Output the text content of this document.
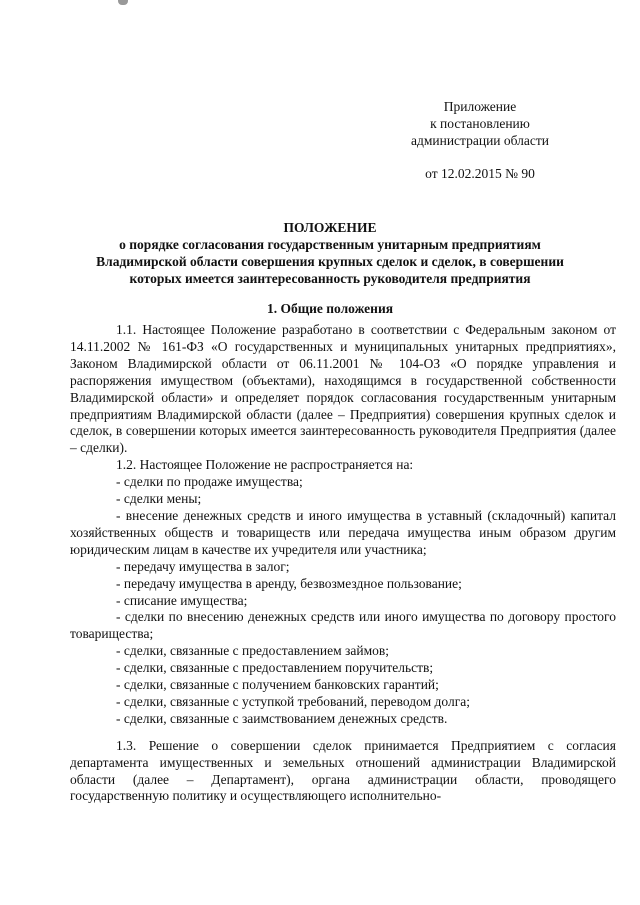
Приложение
к постановлению
администрации области
от 12.02.2015 № 90
ПОЛОЖЕНИЕ
о порядке согласования государственным унитарным предприятиям
Владимирской области совершения крупных сделок и сделок, в совершении
которых имеется заинтересованность руководителя предприятия
1. Общие положения

1.1. Настоящее Положение разработано в соответствии с Федеральным законом от 14.11.2002 № 161-ФЗ «О государственных и муниципальных унитарных предприятиях», Законом Владимирской области от 06.11.2001 № 104-ОЗ «О порядке управления и распоряжения имуществом (объектами), находящимся в государственной собственности Владимирской области» и определяет порядок согласования государственным унитарным предприятиям Владимирской области (далее – Предприятия) совершения крупных сделок и сделок, в совершении которых имеется заинтересованность руководителя Предприятия (далее – сделки).

1.2. Настоящее Положение не распространяется на:

- сделки по продаже имущества;

- сделки мены;

- внесение денежных средств и иного имущества в уставный (складочный) капитал хозяйственных обществ и товариществ или передача имущества иным образом другим юридическим лицам в качестве их учредителя или участника;

- передачу имущества в залог;

- передачу имущества в аренду, безвозмездное пользование;

- списание имущества;

- сделки по внесению денежных средств или иного имущества по договору простого товарищества;

- сделки, связанные с предоставлением займов;

- сделки, связанные с предоставлением поручительств;

- сделки, связанные с получением банковских гарантий;

- сделки, связанные с уступкой требований, переводом долга;

- сделки, связанные с заимствованием денежных средств.

1.3. Решение о совершении сделок принимается Предприятием с согласия департамента имущественных и земельных отношений администрации Владимирской области (далее – Департамент), органа администрации области, проводящего государственную политику и осуществляющего исполнительно-
